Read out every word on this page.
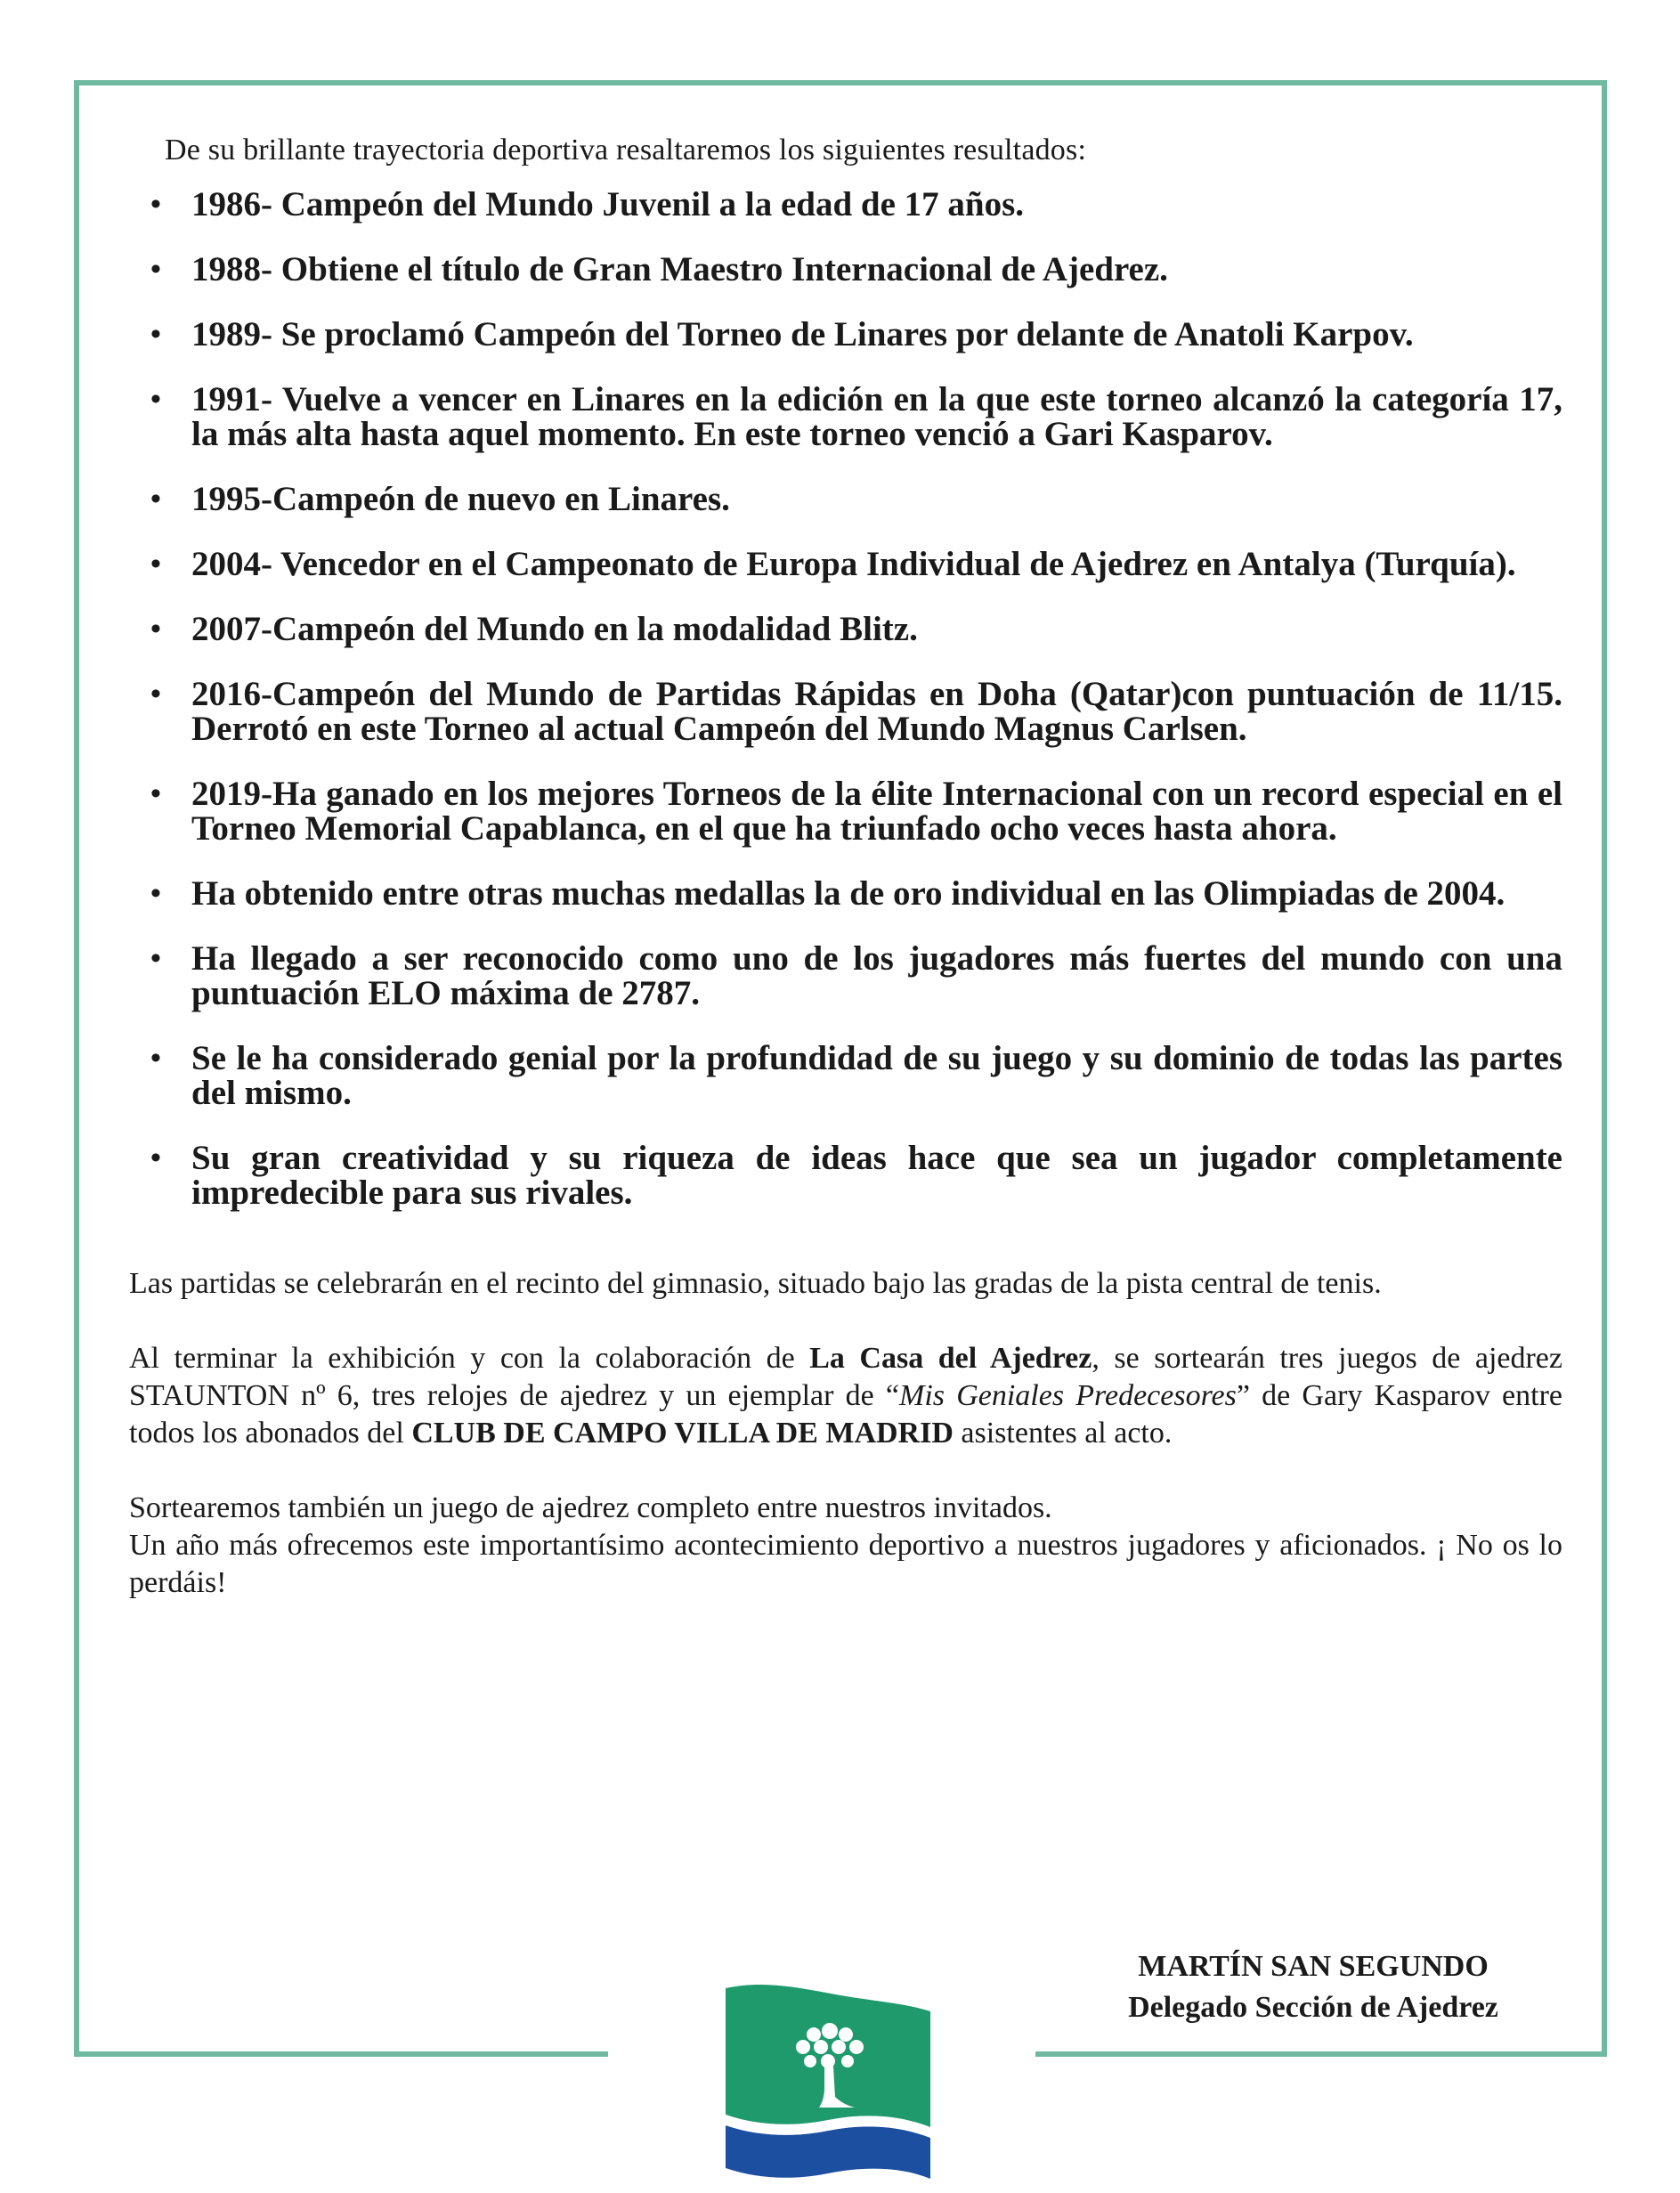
De su brillante trayectoria deportiva resaltaremos los siguientes resultados:

• 1986- Campeón del Mundo Juvenil a la edad de 17 años.
• 1988- Obtiene el título de Gran Maestro Internacional de Ajedrez.
• 1989- Se proclamó Campeón del Torneo de Linares por delante de Anatoli Karpov.
• 1991- Vuelve a vencer en Linares en la edición en la que este torneo alcanzó la categoría 17, la más alta hasta aquel momento. En este torneo venció a Gari Kasparov.
• 1995-Campeón de nuevo en Linares.
• 2004- Vencedor en el Campeonato de Europa Individual de Ajedrez en Antalya (Turquía).
• 2007-Campeón del Mundo en la modalidad Blitz.
• 2016-Campeón del Mundo de Partidas Rápidas en Doha (Qatar)con puntuación de 11/15. Derrotó en este Torneo al actual Campeón del Mundo Magnus Carlsen.
• 2019-Ha ganado en los mejores Torneos de la élite Internacional con un record especial en el Torneo Memorial Capablanca, en el que ha triunfado ocho veces hasta ahora.
• Ha obtenido entre otras muchas medallas la de oro individual en las Olimpiadas de 2004.
• Ha llegado a ser reconocido como uno de los jugadores más fuertes del mundo con una puntuación ELO máxima de 2787.
• Se le ha considerado genial por la profundidad de su juego y su dominio de todas las partes del mismo.
• Su gran creatividad y su riqueza de ideas hace que sea un jugador completamente impredecible para sus rivales.

Las partidas se celebrarán en el recinto del gimnasio, situado bajo las gradas de la pista central de tenis.

Al terminar la exhibición y con la colaboración de La Casa del Ajedrez, se sortearán tres juegos de ajedrez STAUNTON nº 6, tres relojes de ajedrez y un ejemplar de “Mis Geniales Predecesores” de Gary Kasparov entre todos los abonados del CLUB DE CAMPO VILLA DE MADRID asistentes al acto.

Sortearemos también un juego de ajedrez completo entre nuestros invitados.

Un año más ofrecemos este importantísimo acontecimiento deportivo a nuestros jugadores y aficionados. ¡ No os lo perdáis!

MARTÍN SAN SEGUNDO
Delegado Sección de Ajedrez
